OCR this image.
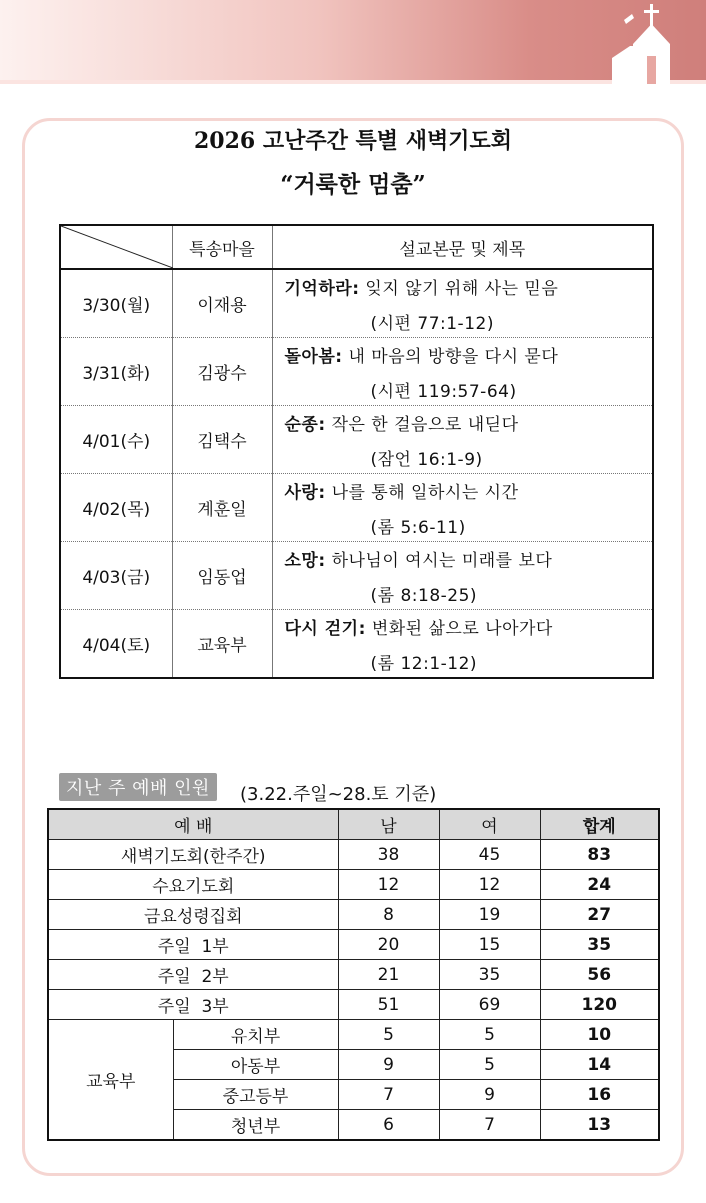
2026 고난주간 특별 새벽기도회
“거룩한 멈춤”
	특송마을	설교본문 및 제목
3/30(월)	이재용	기억하라: 잊지 않기 위해 사는 믿음
(시편 77:1-12)

3/31(화)	김광수	돌아봄: 내 마음의 방향을 다시 묻다
(시편 119:57-64)

4/01(수)	김택수	순종: 작은 한 걸음으로 내딛다
(잠언 16:1-9)

4/02(목)	계훈일	사랑: 나를 통해 일하시는 시간
(롬 5:6-11)

4/03(금)	임동업	소망: 하나님이 여시는 미래를 보다
(롬 8:18-25)

4/04(토)	교육부	다시 걷기: 변화된 삶으로 나아가다
(롬 12:1-12)
지난 주 예배 인원	(3.22.주일~28.토 기준)
예 배		남	여	합계
새벽기도회(한주간)		38	45	83
수요기도회		12	12	24
금요성령집회		8	19	27
주일  1부		20	15	35
주일  2부		21	35	56
주일  3부		51	69	120
교육부	유치부	5	5	10
	아동부	9	5	14
	중고등부	7	9	16
	청년부	6	7	13
